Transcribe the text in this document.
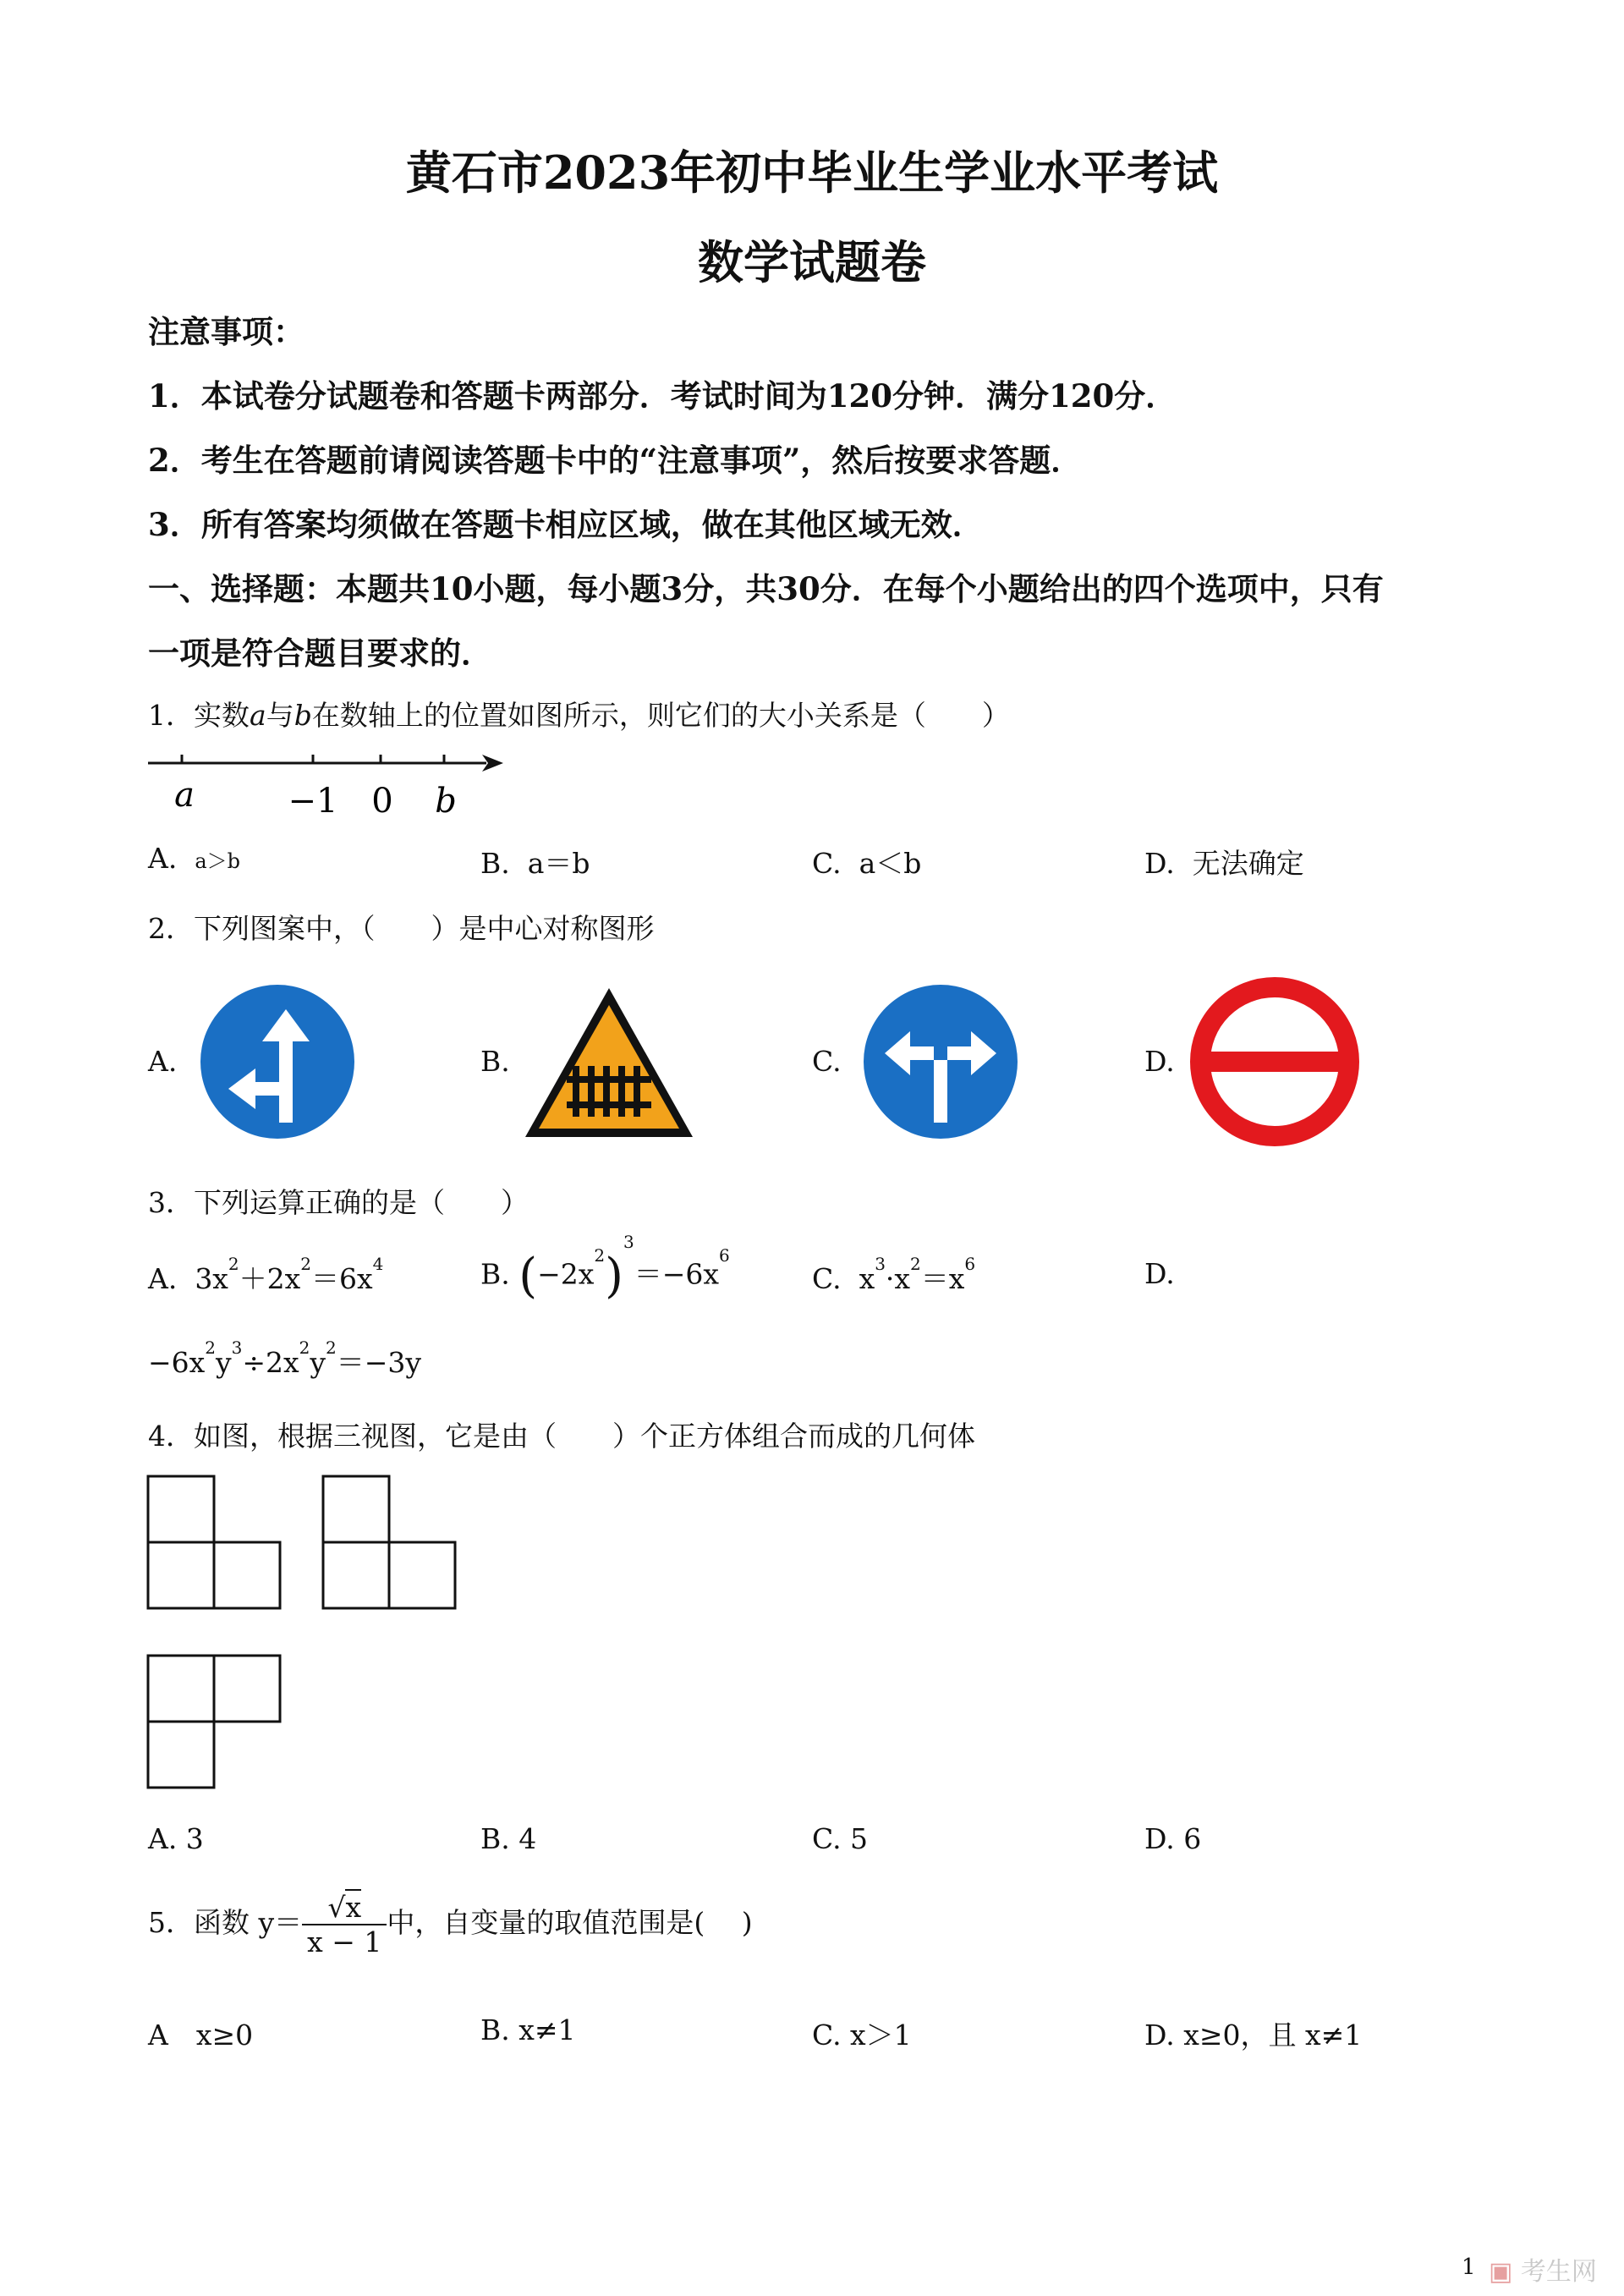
黄石市2023年初中毕业生学业水平考试
数学试题卷
注意事项：
1．本试卷分试题卷和答题卡两部分．考试时间为120分钟．满分120分．
2．考生在答题前请阅读答题卡中的“注意事项”，然后按要求答题．
3．所有答案均须做在答题卡相应区域，做在其他区域无效．
一、选择题：本题共10小题，每小题3分，共30分．在每个小题给出的四个选项中，只有
一项是符合题目要求的．
1．实数a与b在数轴上的位置如图所示，则它们的大小关系是（　　）
a	−1 0 b
A. a＞b	B. a＝b	C. a＜b	D. 无法确定
2．下列图案中，（　　）是中心对称图形
A.	B.	C.	D.
3．下列运算正确的是（　　）
A. $3x^2+2x^2=6x^4$	B. $(-2x^2)^3=-6x^6$
C. $x^3\cdot x^2=x^6$	D.
$-6x^2y^3\div 2x^2y^2=-3y$
4．如图，根据三视图，它是由（　　）个正方体组合而成的几何体
A. 3	B. 4	C. 5	D. 6
5．函数 $y= \frac{√x}{x - 1}$ 中，自变量的取值范围是(　 )
A　x≥0	B. x≠1	C. x＞1	D. x≥0，且 x≠1
1 ▣ 考生网
